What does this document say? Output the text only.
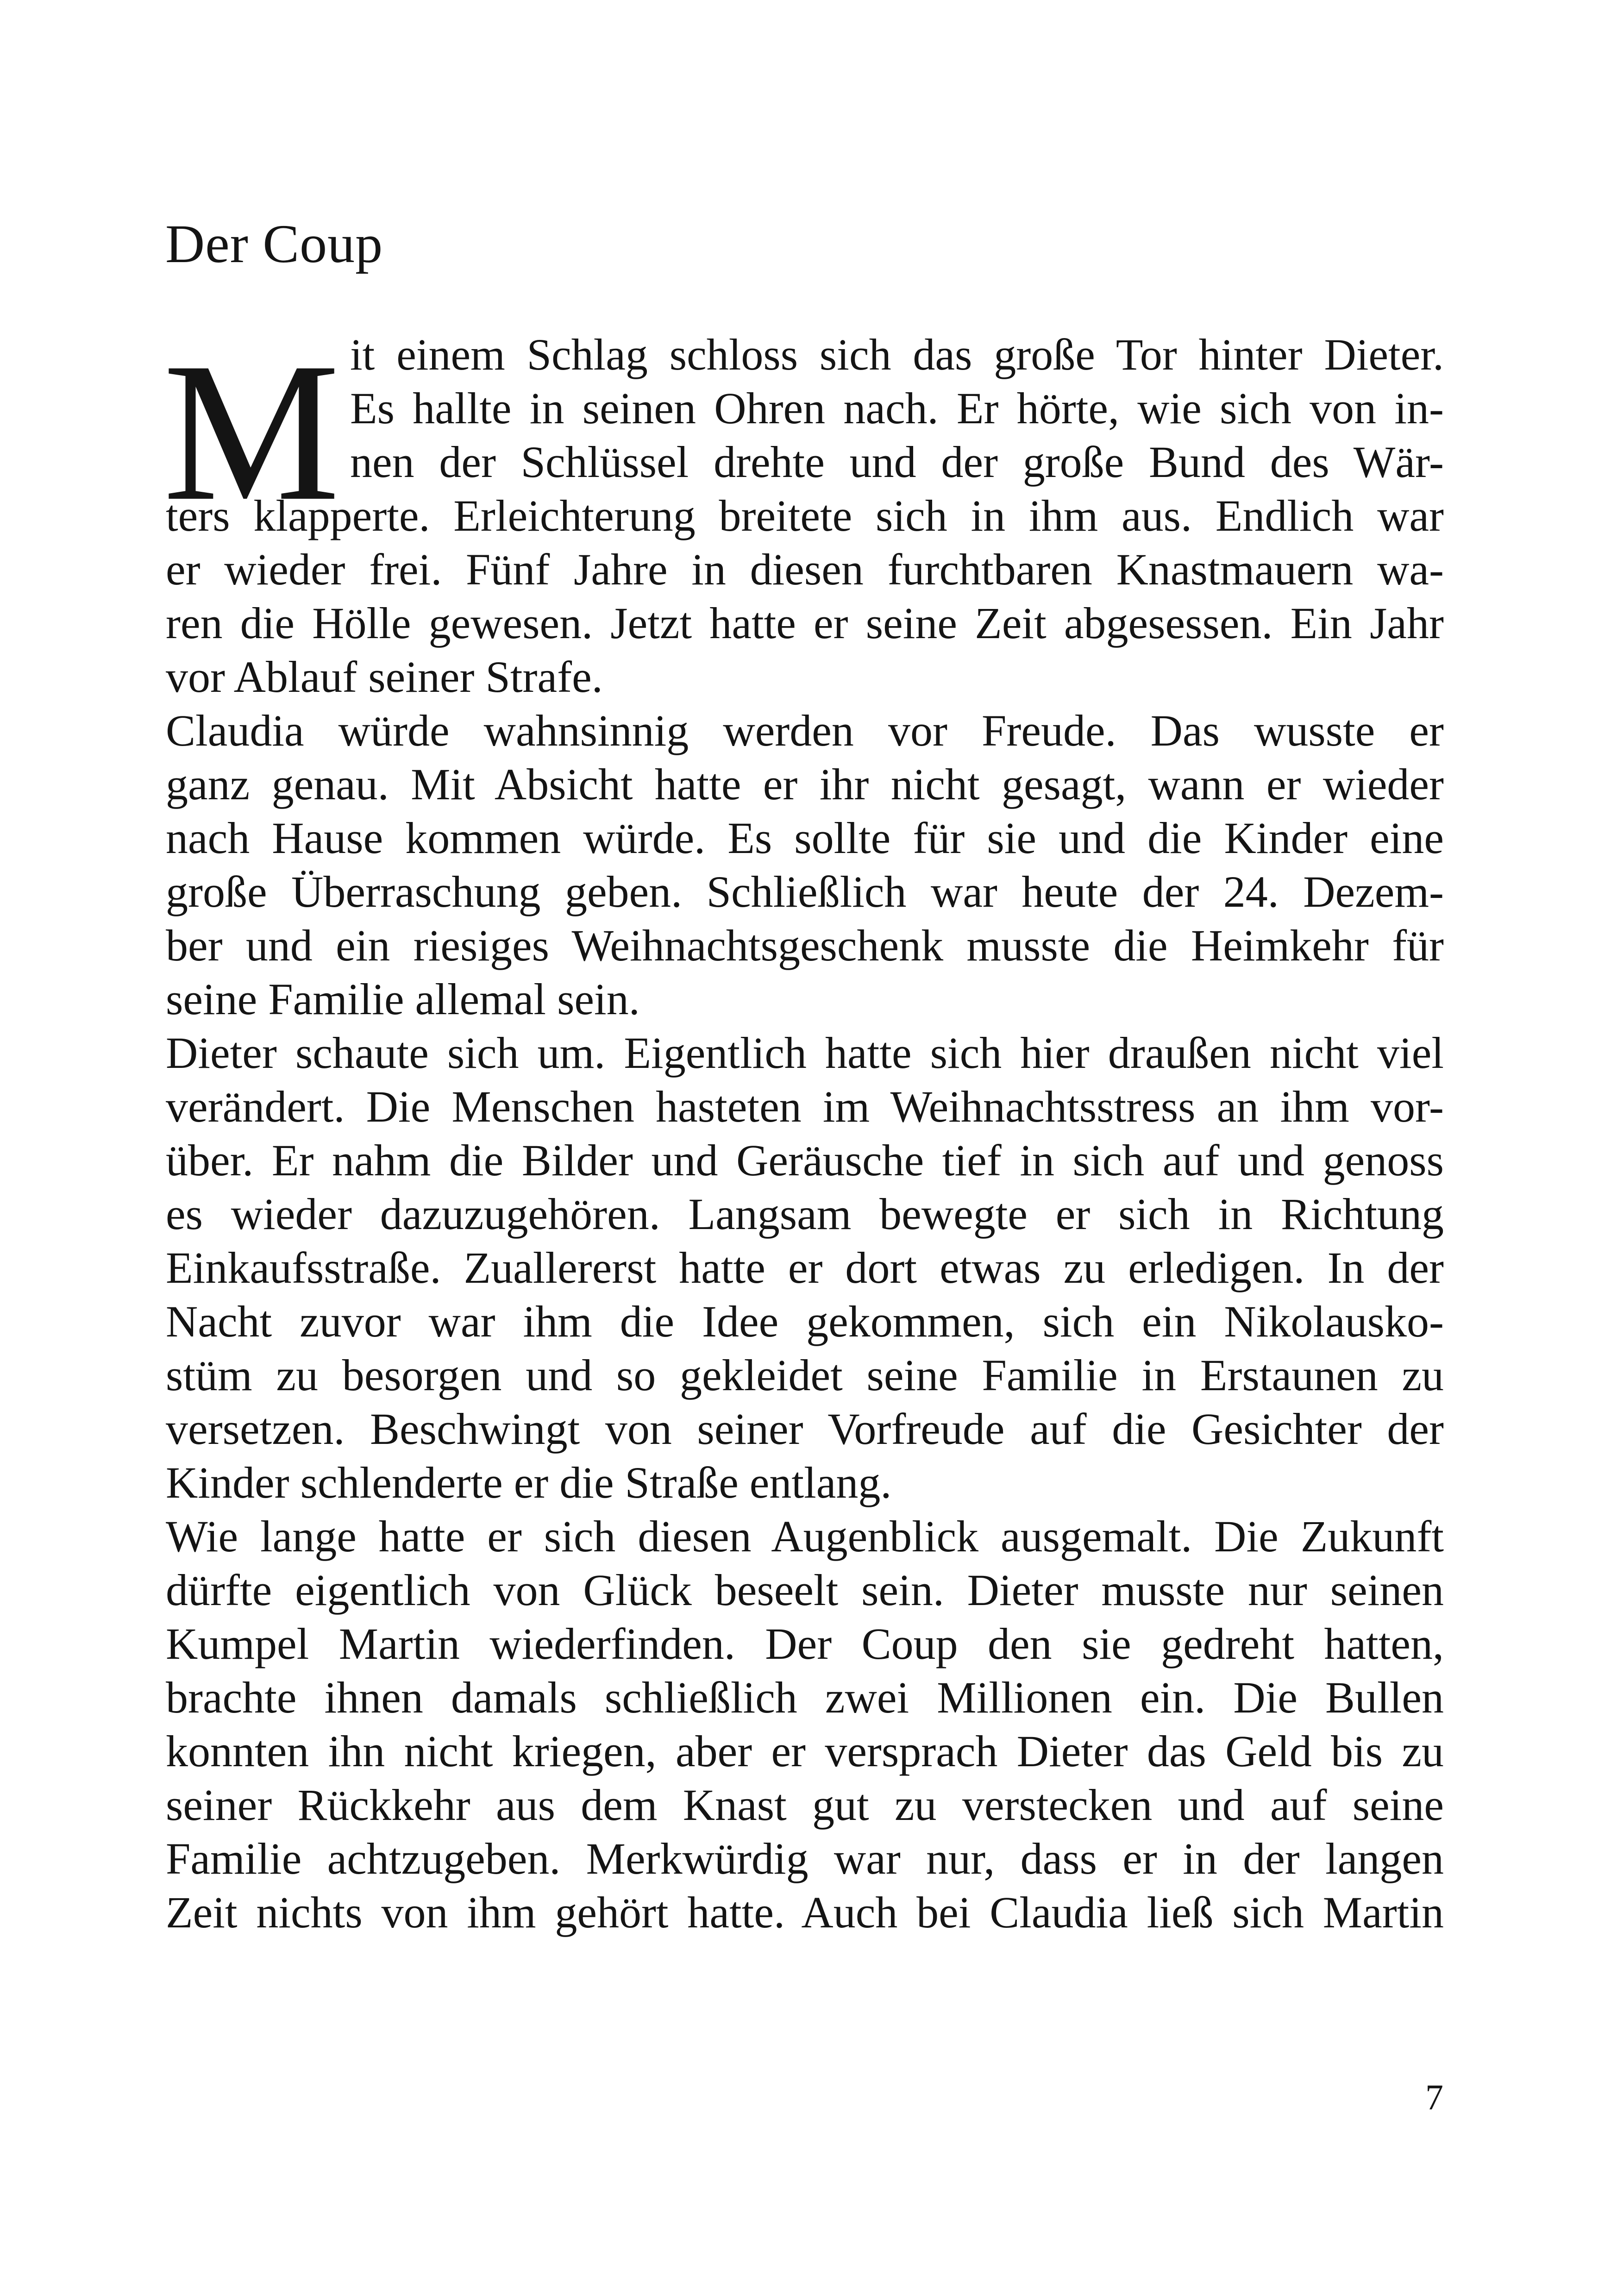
Der Coup
M it einem Schlag schloss sich das große Tor hinter Dieter.
Es hallte in seinen Ohren nach. Er hörte, wie sich von in-
nen der Schlüssel drehte und der große Bund des Wär-
ters klapperte. Erleichterung breitete sich in ihm aus. Endlich war
er wieder frei. Fünf Jahre in diesen furchtbaren Knastmauern wa-
ren die Hölle gewesen. Jetzt hatte er seine Zeit abgesessen. Ein Jahr
vor Ablauf seiner Strafe.
Claudia würde wahnsinnig werden vor Freude. Das wusste er
ganz genau. Mit Absicht hatte er ihr nicht gesagt, wann er wieder
nach Hause kommen würde. Es sollte für sie und die Kinder eine
große Überraschung geben. Schließlich war heute der 24. Dezem-
ber und ein riesiges Weihnachtsgeschenk musste die Heimkehr für
seine Familie allemal sein.
Dieter schaute sich um. Eigentlich hatte sich hier draußen nicht viel
verändert. Die Menschen hasteten im Weihnachtsstress an ihm vor-
über. Er nahm die Bilder und Geräusche tief in sich auf und genoss
es wieder dazuzugehören. Langsam bewegte er sich in Richtung
Einkaufsstraße. Zuallererst hatte er dort etwas zu erledigen. In der
Nacht zuvor war ihm die Idee gekommen, sich ein Nikolausko-
stüm zu besorgen und so gekleidet seine Familie in Erstaunen zu
versetzen. Beschwingt von seiner Vorfreude auf die Gesichter der
Kinder schlenderte er die Straße entlang.
Wie lange hatte er sich diesen Augenblick ausgemalt. Die Zukunft
dürfte eigentlich von Glück beseelt sein. Dieter musste nur seinen
Kumpel Martin wiederfinden. Der Coup den sie gedreht hatten,
brachte ihnen damals schließlich zwei Millionen ein. Die Bullen
konnten ihn nicht kriegen, aber er versprach Dieter das Geld bis zu
seiner Rückkehr aus dem Knast gut zu verstecken und auf seine
Familie achtzugeben. Merkwürdig war nur, dass er in der langen
Zeit nichts von ihm gehört hatte. Auch bei Claudia ließ sich Martin
7
